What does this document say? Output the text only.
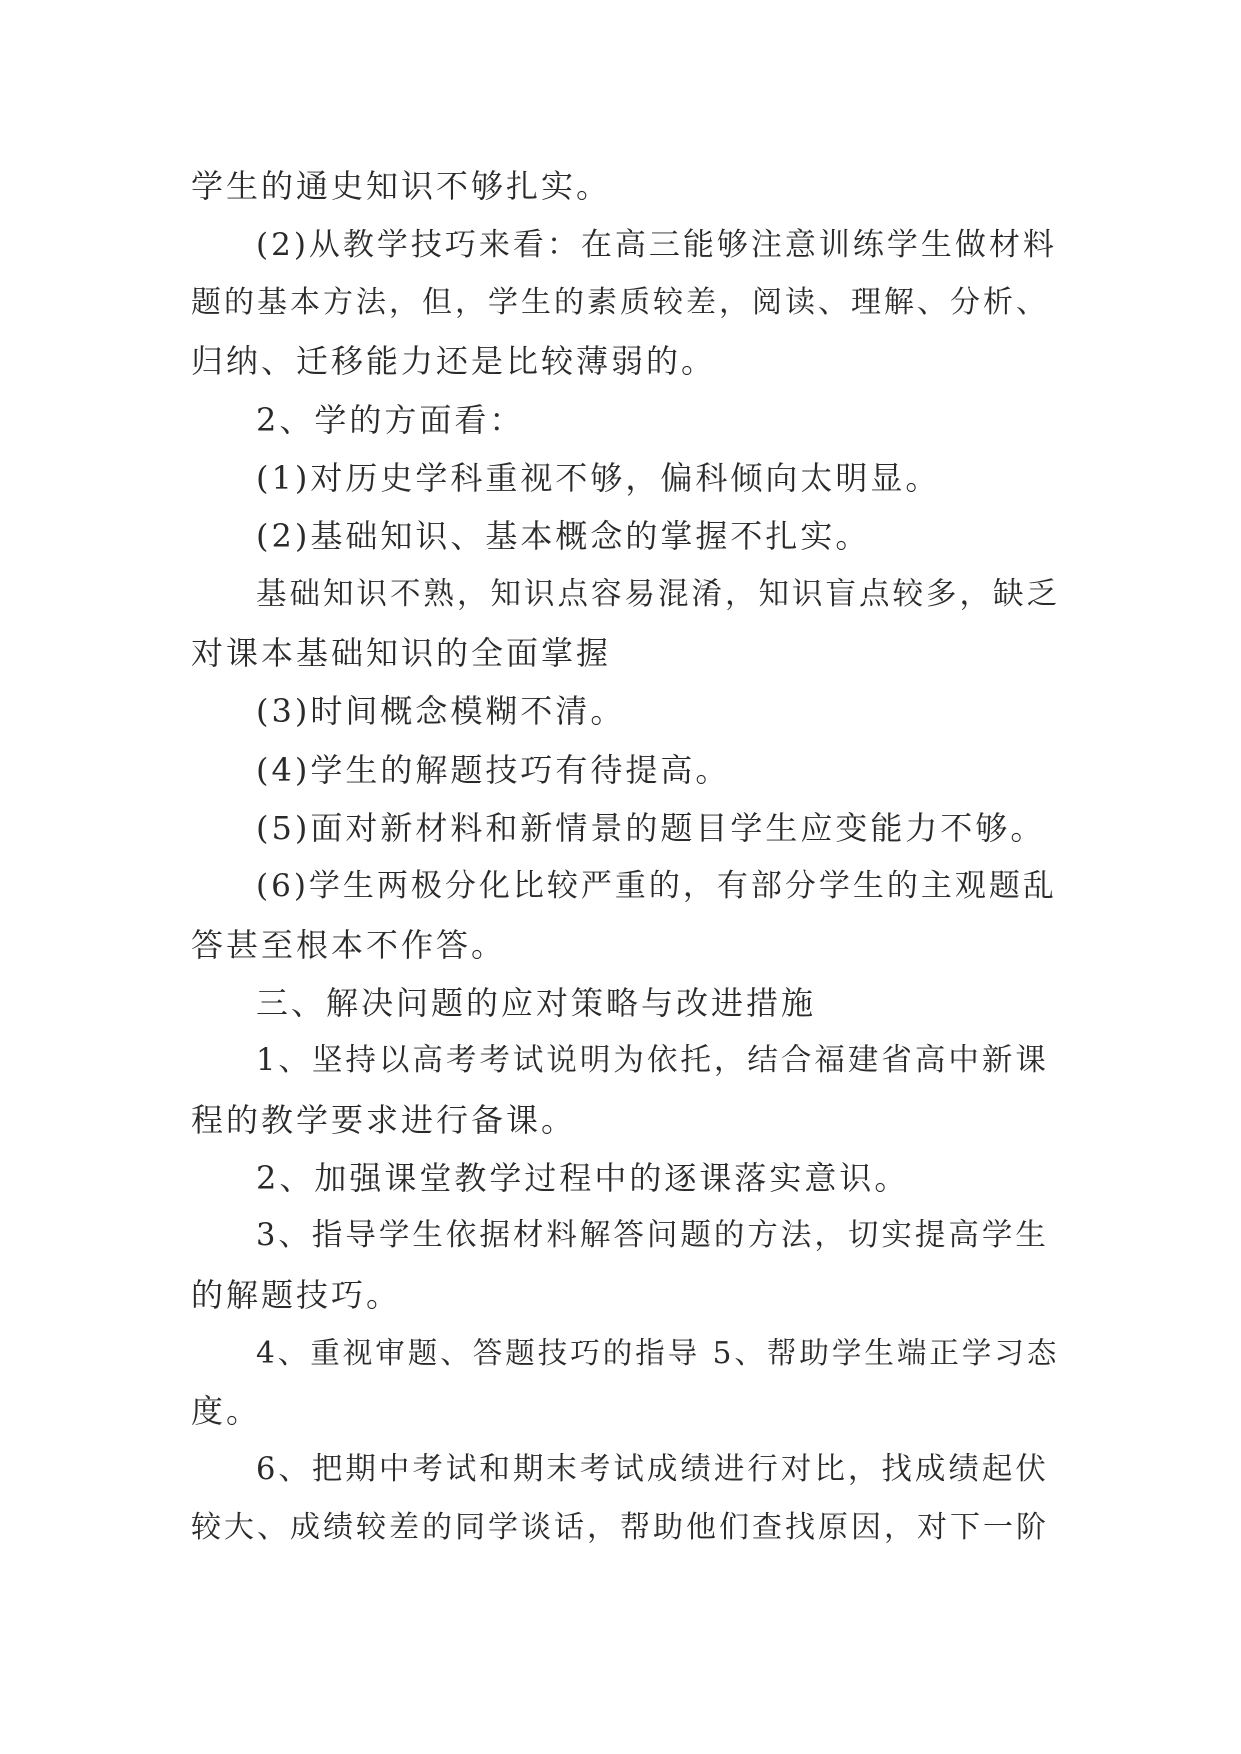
学生的通史知识不够扎实。
(2)从教学技巧来看：在高三能够注意训练学生做材料
题的基本方法，但，学生的素质较差，阅读、理解、分析、
归纳、迁移能力还是比较薄弱的。
2、学的方面看：
(1)对历史学科重视不够，偏科倾向太明显。
(2)基础知识、基本概念的掌握不扎实。
基础知识不熟，知识点容易混淆，知识盲点较多，缺乏
对课本基础知识的全面掌握
(3)时间概念模糊不清。
(4)学生的解题技巧有待提高。
(5)面对新材料和新情景的题目学生应变能力不够。
(6)学生两极分化比较严重的，有部分学生的主观题乱
答甚至根本不作答。
三、解决问题的应对策略与改进措施
1、坚持以高考考试说明为依托，结合福建省高中新课
程的教学要求进行备课。
2、加强课堂教学过程中的逐课落实意识。
3、指导学生依据材料解答问题的方法，切实提高学生
的解题技巧。
4、重视审题、答题技巧的指导 5、帮助学生端正学习态
度。
6、把期中考试和期末考试成绩进行对比，找成绩起伏
较大、成绩较差的同学谈话，帮助他们查找原因，对下一阶
